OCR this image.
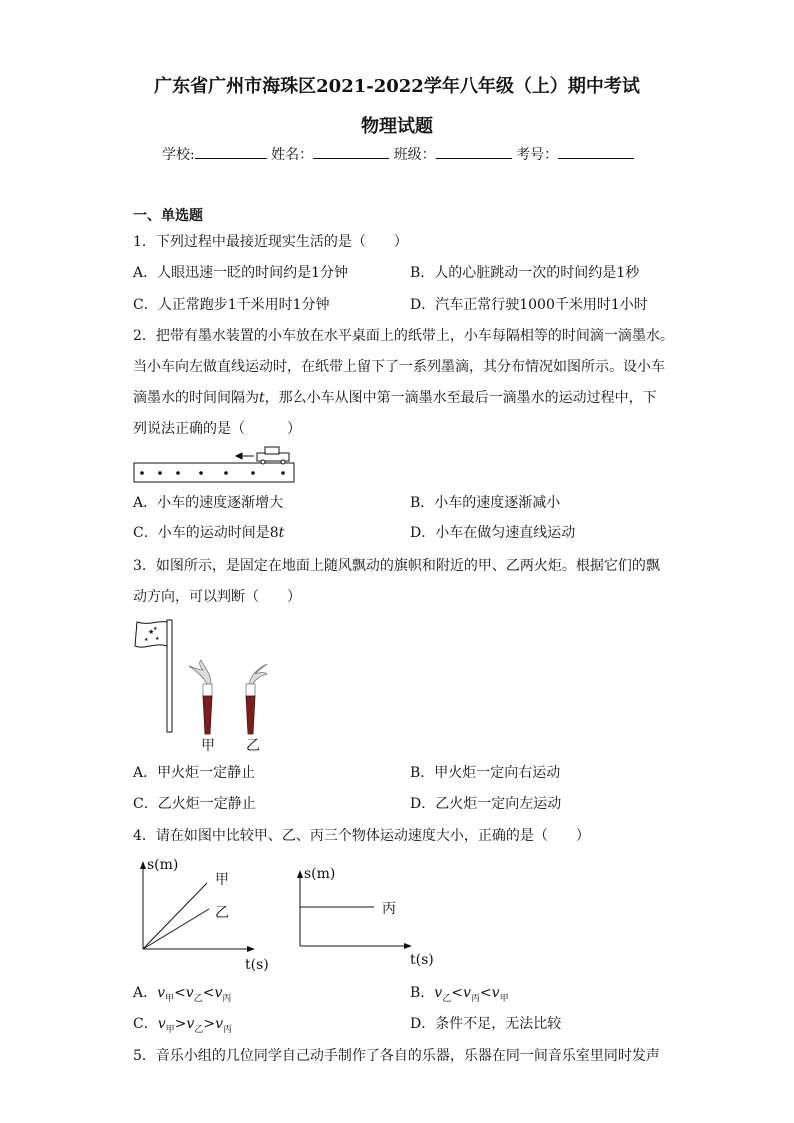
广东省广州市海珠区2021-2022学年八年级（上）期中考试
物理试题
学校:	姓名：	班级：	考号：
一、单选题
1．下列过程中最接近现实生活的是（　　）
A．人眼迅速一眨的时间约是1分钟	B．人的心脏跳动一次的时间约是1秒
C．人正常跑步1千米用时1分钟	D．汽车正常行驶1000千米用时1小时
2．把带有墨水装置的小车放在水平桌面上的纸带上，小车每隔相等的时间滴一滴墨水。
当小车向左做直线运动时，在纸带上留下了一系列墨滴，其分布情况如图所示。设小车
滴墨水的时间间隔为t，那么小车从图中第一滴墨水至最后一滴墨水的运动过程中，下
列说法正确的是（　　　）
A．小车的速度逐渐增大	B．小车的速度逐渐减小
C．小车的运动时间是8t	D．小车在做匀速直线运动
3．如图所示，是固定在地面上随风飘动的旗帜和附近的甲、乙两火炬。根据它们的飘
动方向，可以判断（　　）
★
★
★
★
甲 乙
A．甲火炬一定静止	B．甲火炬一定向右运动
C．乙火炬一定静止	D．乙火炬一定向左运动
4．请在如图中比较甲、乙、丙三个物体运动速度大小，正确的是（　　）
s(m)
t(s)
甲
乙
s(m)
t(s)
丙
A．$v_甲<v_乙<v_丙$	B．$v_乙<v_丙<v_甲$
C．$v_甲>v_乙>v_丙$	D．条件不足，无法比较
5．音乐小组的几位同学自己动手制作了各自的乐器，乐器在同一间音乐室里同时发声
